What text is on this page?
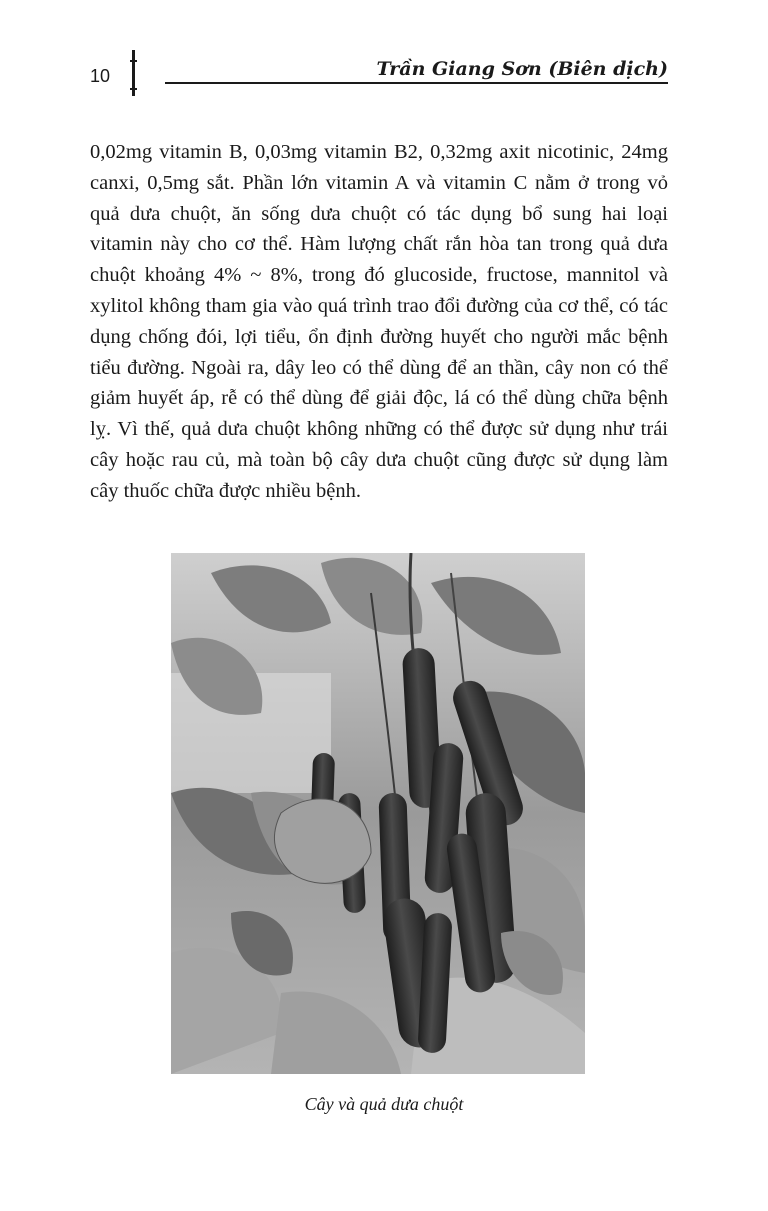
10	Trần Giang Sơn (Biên dịch)

0,02mg vitamin B, 0,03mg vitamin B2, 0,32mg axit nicotinic, 24mg canxi, 0,5mg sắt. Phần lớn vitamin A và vitamin C nằm ở trong vỏ quả dưa chuột, ăn sống dưa chuột có tác dụng bổ sung hai loại vitamin này cho cơ thể. Hàm lượng chất rắn hòa tan trong quả dưa chuột khoảng 4% ~ 8%, trong đó glucoside, fructose, mannitol và xylitol không tham gia vào quá trình trao đổi đường của cơ thể, có tác dụng chống đói, lợi tiểu, ổn định đường huyết cho người mắc bệnh tiểu đường. Ngoài ra, dây leo có thể dùng để an thần, cây non có thể giảm huyết áp, rễ có thể dùng để giải độc, lá có thể dùng chữa bệnh lỵ. Vì thế, quả dưa chuột không những có thể được sử dụng như trái cây hoặc rau củ, mà toàn bộ cây dưa chuột cũng được sử dụng làm cây thuốc chữa được nhiều bệnh.

Cây và quả dưa chuột
